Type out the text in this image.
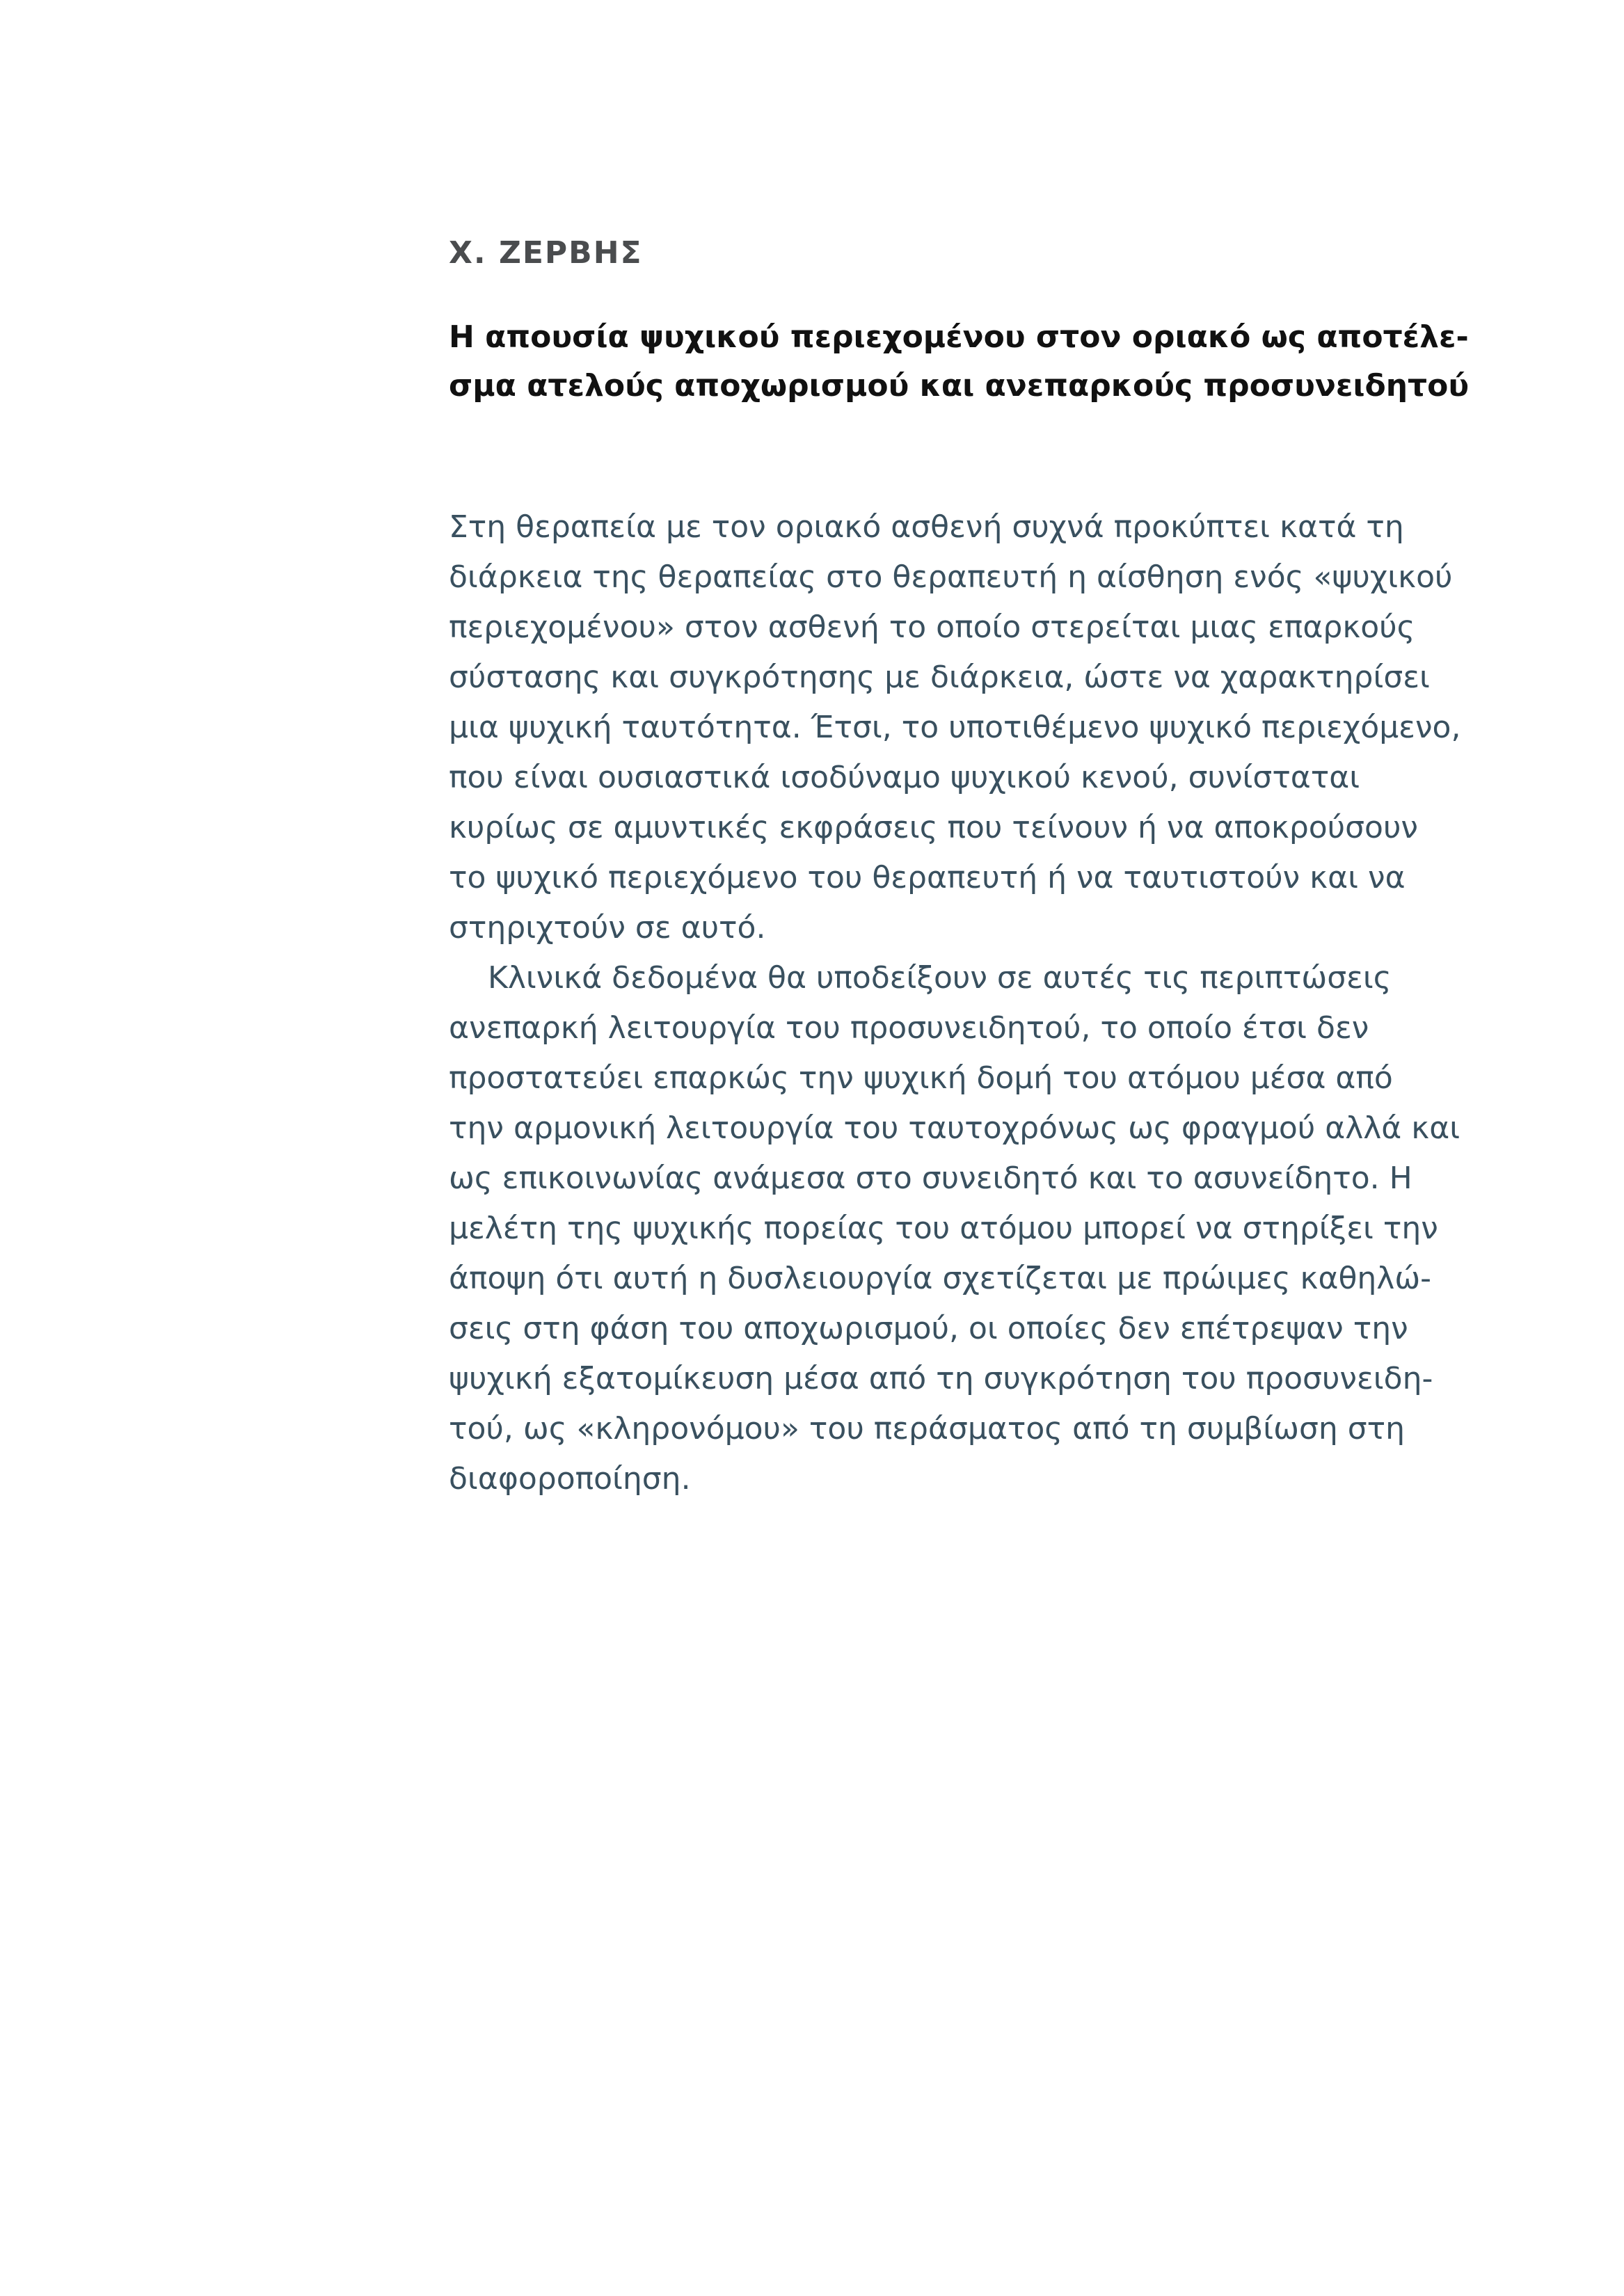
Χ. ΖΕΡΒΗΣ
Η απουσία ψυχικού περιεχομένου στον οριακό ως αποτέλε-
σμα ατελούς αποχωρισμού και ανεπαρκούς προσυνειδητού

Στη θεραπεία με τον οριακό ασθενή συχνά προκύπτει κατά τη
διάρκεια της θεραπείας στο θεραπευτή η αίσθηση ενός «ψυχικού
περιεχομένου» στον ασθενή το οποίο στερείται μιας επαρκούς
σύστασης και συγκρότησης με διάρκεια, ώστε να χαρακτηρίσει
μια ψυχική ταυτότητα. Έτσι, το υποτιθέμενο ψυχικό περιεχόμενο,
που είναι ουσιαστικά ισοδύναμο ψυχικού κενού, συνίσταται
κυρίως σε αμυντικές εκφράσεις που τείνουν ή να αποκρούσουν
το ψυχικό περιεχόμενο του θεραπευτή ή να ταυτιστούν και να
στηριχτούν σε αυτό.

Κλινικά δεδομένα θα υποδείξουν σε αυτές τις περιπτώσεις
ανεπαρκή λειτουργία του προσυνειδητού, το οποίο έτσι δεν
προστατεύει επαρκώς την ψυχική δομή του ατόμου μέσα από
την αρμονική λειτουργία του ταυτοχρόνως ως φραγμού αλλά και
ως επικοινωνίας ανάμεσα στο συνειδητό και το ασυνείδητο. Η
μελέτη της ψυχικής πορείας του ατόμου μπορεί να στηρίξει την
άποψη ότι αυτή η δυσλειουργία σχετίζεται με πρώιμες καθηλώ-
σεις στη φάση του αποχωρισμού, οι οποίες δεν επέτρεψαν την
ψυχική εξατομίκευση μέσα από τη συγκρότηση του προσυνειδη-
τού, ως «κληρονόμου» του περάσματος από τη συμβίωση στη
διαφοροποίηση.
